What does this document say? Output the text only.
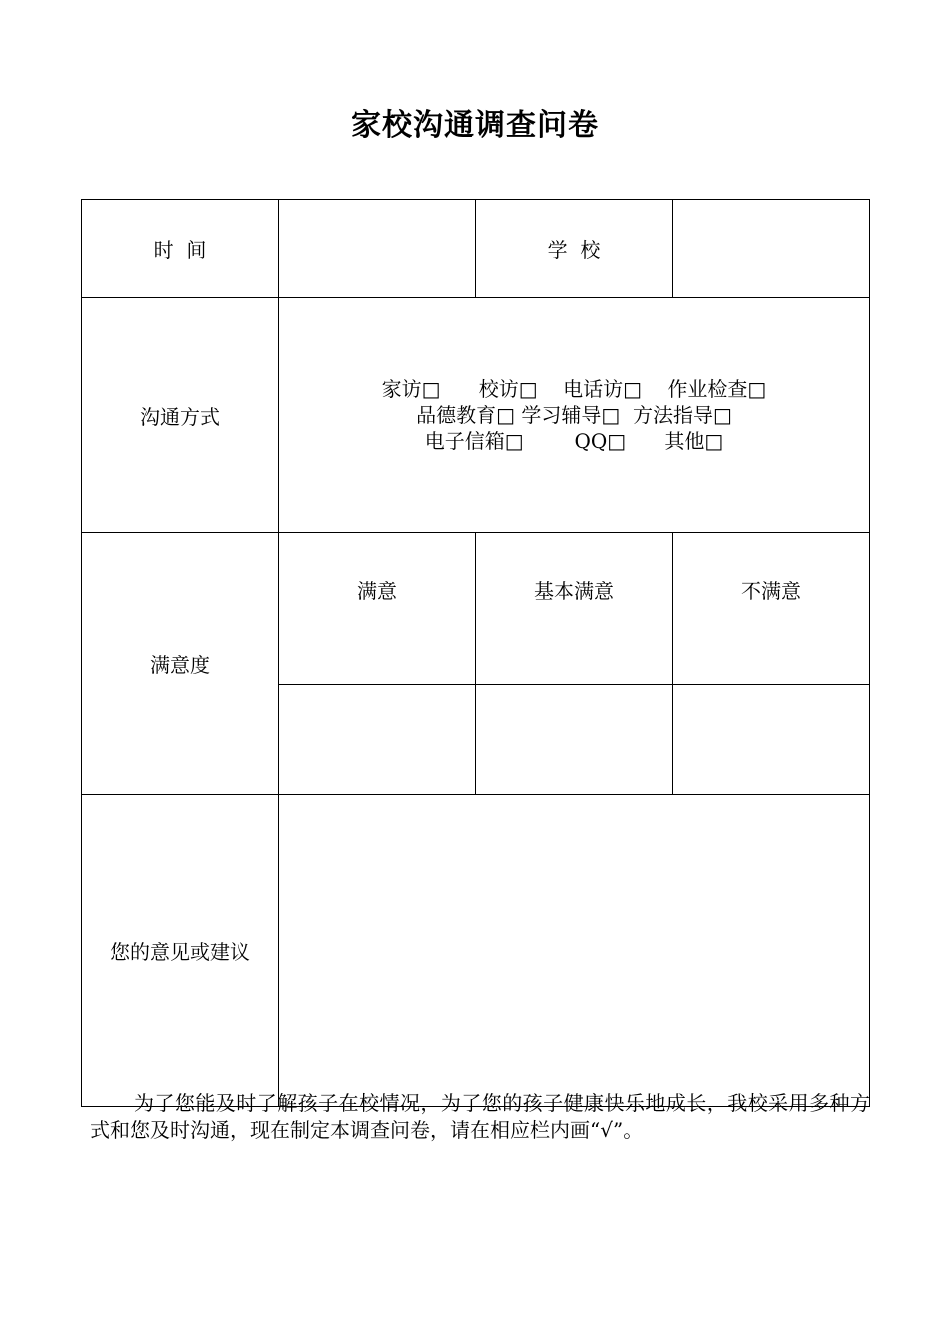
家校沟通调查问卷
时  间		学  校	
沟通方式	家访□ 校访□ 电话访□ 作业检查□
品德教育□ 学习辅导□ 方法指导□
电子信箱□ QQ□ 其他□		

满意度	满意	基本满意	不满意

您的意见或建议			
为了您能及时了解孩子在校情况，为了您的孩子健康快乐地成长，我校采用多种方式和您及时沟通，现在制定本调查问卷，请在相应栏内画“√”。
